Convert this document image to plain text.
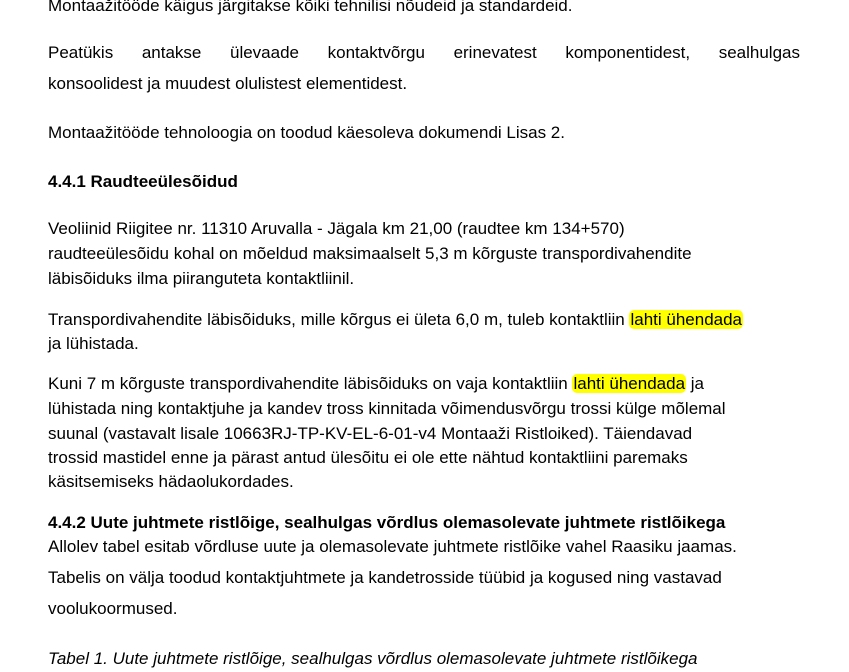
Montaažitööde käigus järgitakse kõiki tehnilisi nõudeid ja standardeid.
Peatükis antakse ülevaade kontaktvõrgu erinevatest komponentidest, sealhulgas
konsoolidest ja muudest olulistest elementidest.
Montaažitööde tehnoloogia on toodud käesoleva dokumendi Lisas 2.
4.4.1 Raudteeülesõidud
Veoliinid Riigitee nr. 11310 Aruvalla - Jägala km 21,00 (raudtee km 134+570)
raudteeülesõidu kohal on mõeldud maksimaalselt 5,3 m kõrguste transpordivahendite
läbisõiduks ilma piiranguteta kontaktliinil.
Transpordivahendite läbisõiduks, mille kõrgus ei ületa 6,0 m, tuleb kontaktliin lahti ühendada
ja lühistada.
Kuni 7 m kõrguste transpordivahendite läbisõiduks on vaja kontaktliin lahti ühendada ja
lühistada ning kontaktjuhe ja kandev tross kinnitada võimendusvõrgu trossi külge mõlemal
suunal (vastavalt lisale 10663RJ-TP-KV-EL-6-01-v4 Montaaži Ristloiked). Täiendavad
trossid mastidel enne ja pärast antud ülesõitu ei ole ette nähtud kontaktliini paremaks
käsitsemiseks hädaolukordades.
4.4.2 Uute juhtmete ristlõige, sealhulgas võrdlus olemasolevate juhtmete ristlõikega
Allolev tabel esitab võrdluse uute ja olemasolevate juhtmete ristlõike vahel Raasiku jaamas.
Tabelis on välja toodud kontaktjuhtmete ja kandetrosside tüübid ja kogused ning vastavad
voolukoormused.
Tabel 1. Uute juhtmete ristlõige, sealhulgas võrdlus olemasolevate juhtmete ristlõikega
